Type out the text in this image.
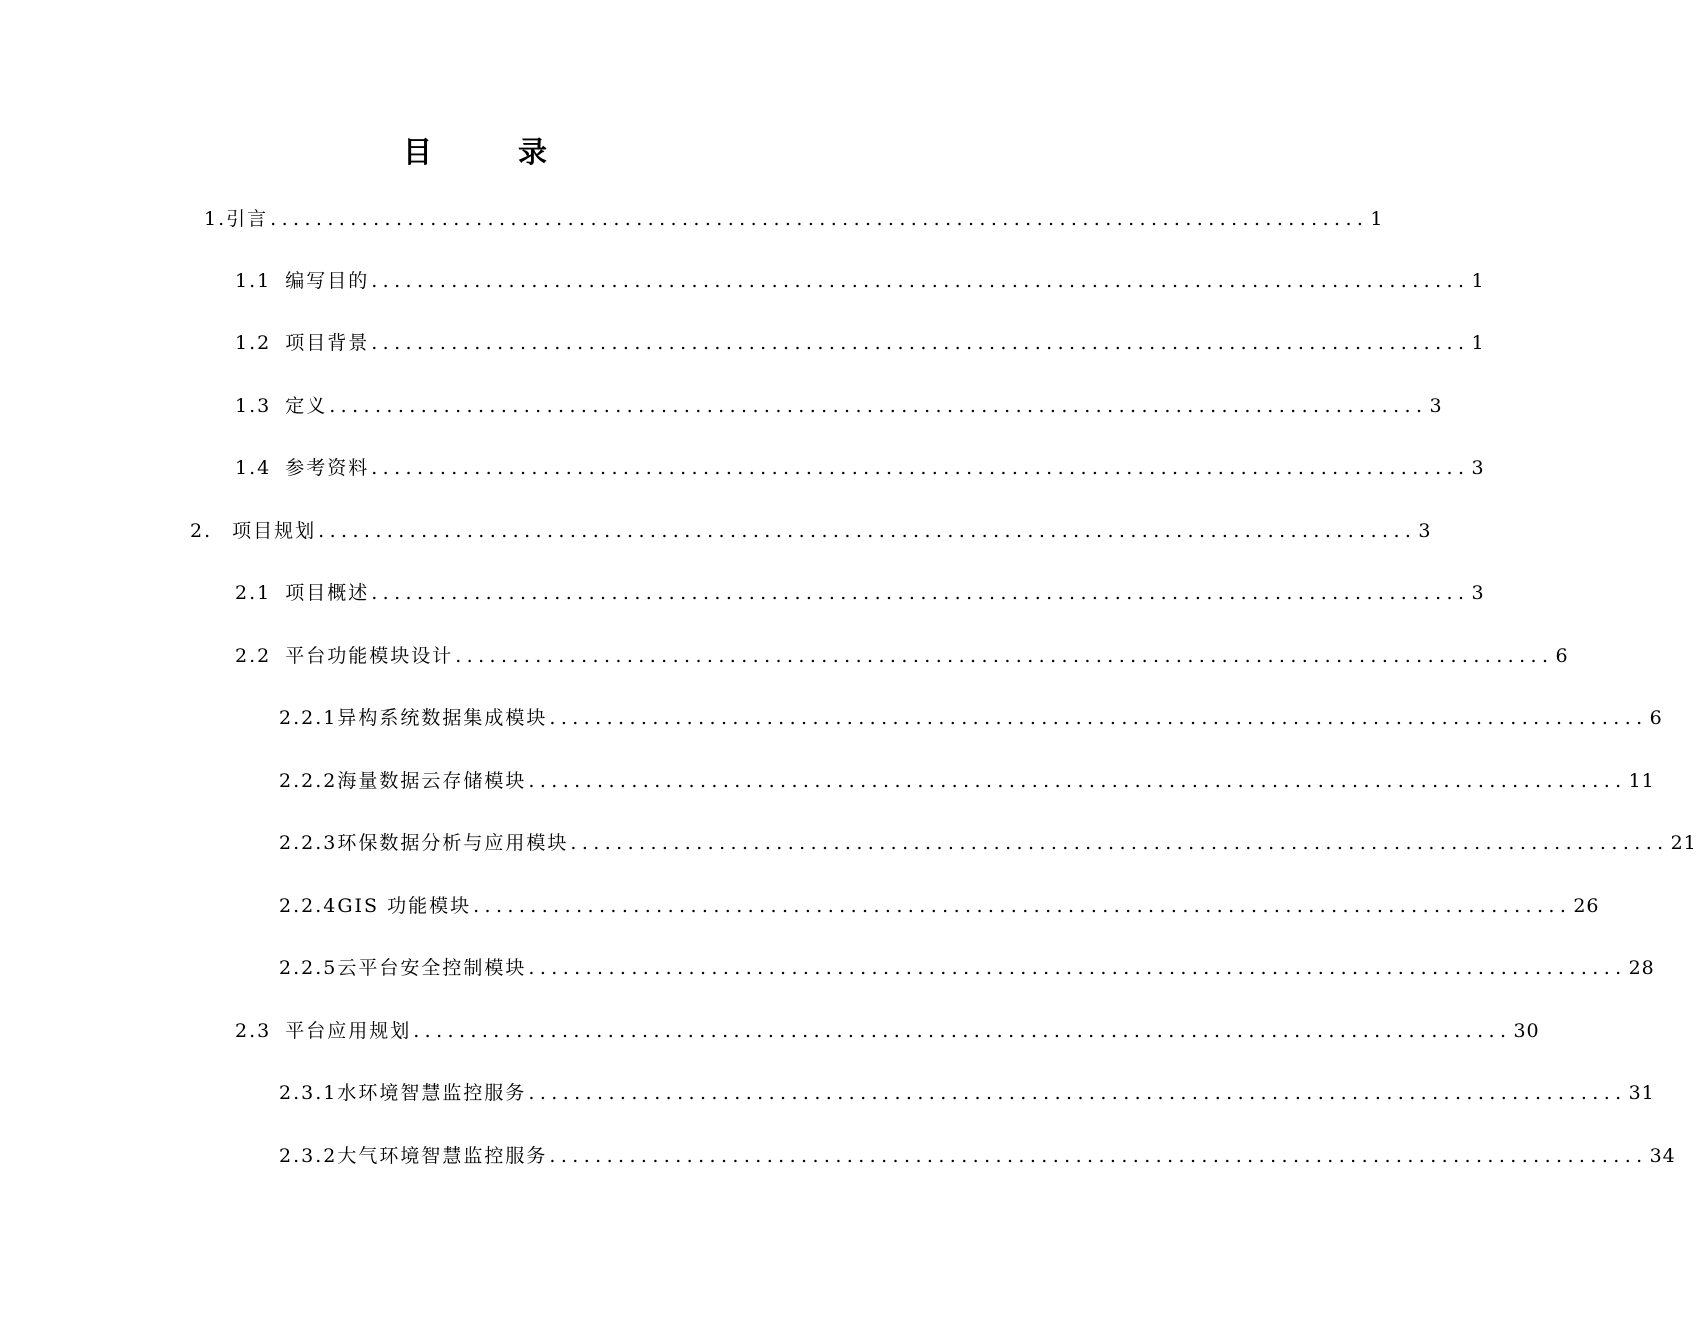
目 录
1. 引言 ................................................................................................ 1
1.1 编写目的 ................................................................................................ 1
1.2 项目背景 ................................................................................................ 1
1.3 定义 ................................................................................................ 3
1.4 参考资料 ................................................................................................ 3
2. 项目规划 ................................................................................................ 3
2.1 项目概述 ................................................................................................ 3
2.2 平台功能模块设计 ................................................................................................ 6
2.2.1 异构系统数据集成模块 ................................................................................................ 6
2.2.2 海量数据云存储模块 ................................................................................................ 11
2.2.3 环保数据分析与应用模块 ................................................................................................ 21
2.2.4 GIS 功能模块 ................................................................................................ 26
2.2.5 云平台安全控制模块 ................................................................................................ 28
2.3 平台应用规划 ................................................................................................ 30
2.3.1 水环境智慧监控服务 ................................................................................................ 31
2.3.2 大气环境智慧监控服务 ................................................................................................ 34
